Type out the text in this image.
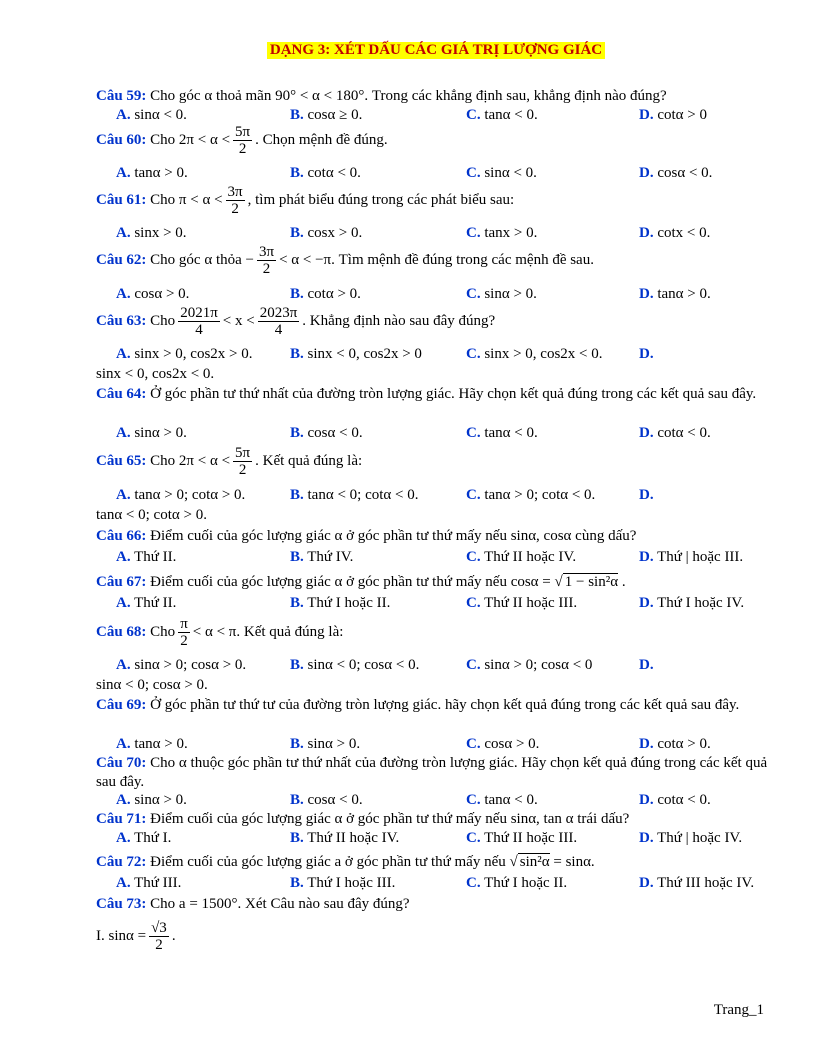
DẠNG 3: XÉT DẤU CÁC GIÁ TRỊ LƯỢNG GIÁC
Câu 59: Cho góc α thoả mãn 90° < α < 180°. Trong các khẳng định sau, khẳng định nào đúng?
A. sinα < 0.	B. cosα ≥ 0.	C. tanα < 0.	D. cotα > 0
Câu 60: Cho $2\pi < \alpha < \frac{5\pi}{2}$ . Chọn mệnh đề đúng.
A. tanα > 0.	B. cotα < 0.	C. sinα < 0.	D. cosα < 0.
Câu 61: Cho $\pi < \alpha < \frac{3\pi}{2}$ , tìm phát biểu đúng trong các phát biểu sau:
A. sinx > 0.	B. cosx > 0.	C. tanx > 0.	D. cotx < 0.
Câu 62: Cho góc α thỏa − $\frac{3\pi}{2} < \alpha < -\pi$. Tìm mệnh đề đúng trong các mệnh đề sau.
A. cosα > 0.	B. cotα > 0.	C. sinα > 0.	D. tanα > 0.
Câu 63: Cho $\frac{2021\pi}{4} < x < \frac{2023\pi}{4}$ . Khẳng định nào sau đây đúng?
A. sinx > 0, cos2x > 0. B. sinx < 0, cos2x > 0	C. sinx > 0, cos2x < 0. D.
sinx < 0, cos2x < 0.
Câu 64: Ở góc phần tư thứ nhất của đường tròn lượng giác. Hãy chọn kết quả đúng trong các kết quả sau đây.
A. sinα > 0.	B. cosα < 0.	C. tanα < 0.	D. cotα < 0.
Câu 65: Cho $2\pi < \alpha < \frac{5\pi}{2}$ . Kết quả đúng là:
A. tanα > 0; cotα > 0.	B. tanα < 0; cotα < 0.	C. tanα > 0; cotα < 0.	D.
tanα < 0; cotα > 0.
Câu 66: Điểm cuối của góc lượng giác α ở góc phần tư thứ mấy nếu sinα, cosα cùng dấu?
A. Thứ II.	B. Thứ IV.	C. Thứ II hoặc IV.	D. Thứ | hoặc III.
Câu 67: Điểm cuối của góc lượng giác α ở góc phần tư thứ mấy nếu cosα = √ 1 − sin²α .
A. Thứ II.	B. Thứ I hoặc II.	C. Thứ II hoặc III.	D. Thứ I hoặc IV.
Câu 68: Cho $\frac{\pi}{2} < \alpha < \pi$. Kết quả đúng là:
A. sinα > 0; cosα > 0.	B. sinα < 0; cosα < 0.	C. sinα > 0; cosα < 0	D.
sinα < 0; cosα > 0.
Câu 69: Ở góc phần tư thứ tư của đường tròn lượng giác. hãy chọn kết quả đúng trong các kết quả sau đây.
A. tanα > 0.	B. sinα > 0.	C. cosα > 0.	D. cotα > 0.
Câu 70: Cho α thuộc góc phần tư thứ nhất của đường tròn lượng giác. Hãy chọn kết quả đúng trong các kết quả sau đây.
A. sinα > 0.	B. cosα < 0.	C. tanα < 0.	D. cotα < 0.
Câu 71: Điểm cuối của góc lượng giác α ở góc phần tư thứ mấy nếu sinα, tan α trái dấu?
A. Thứ I.	B. Thứ II hoặc IV.	C. Thứ II hoặc III.	D. Thứ | hoặc IV.
Câu 72: Điểm cuối của góc lượng giác a ở góc phần tư thứ mấy nếu √ sin²α = sinα.
A. Thứ III.	B. Thứ I hoặc III.	C. Thứ I hoặc II.	D. Thứ III hoặc IV.
Câu 73: Cho a = 1500°. Xét Câu nào sau đây đúng?
I. $\sin\alpha = \frac{√3}{2}$ .
Trang_1
